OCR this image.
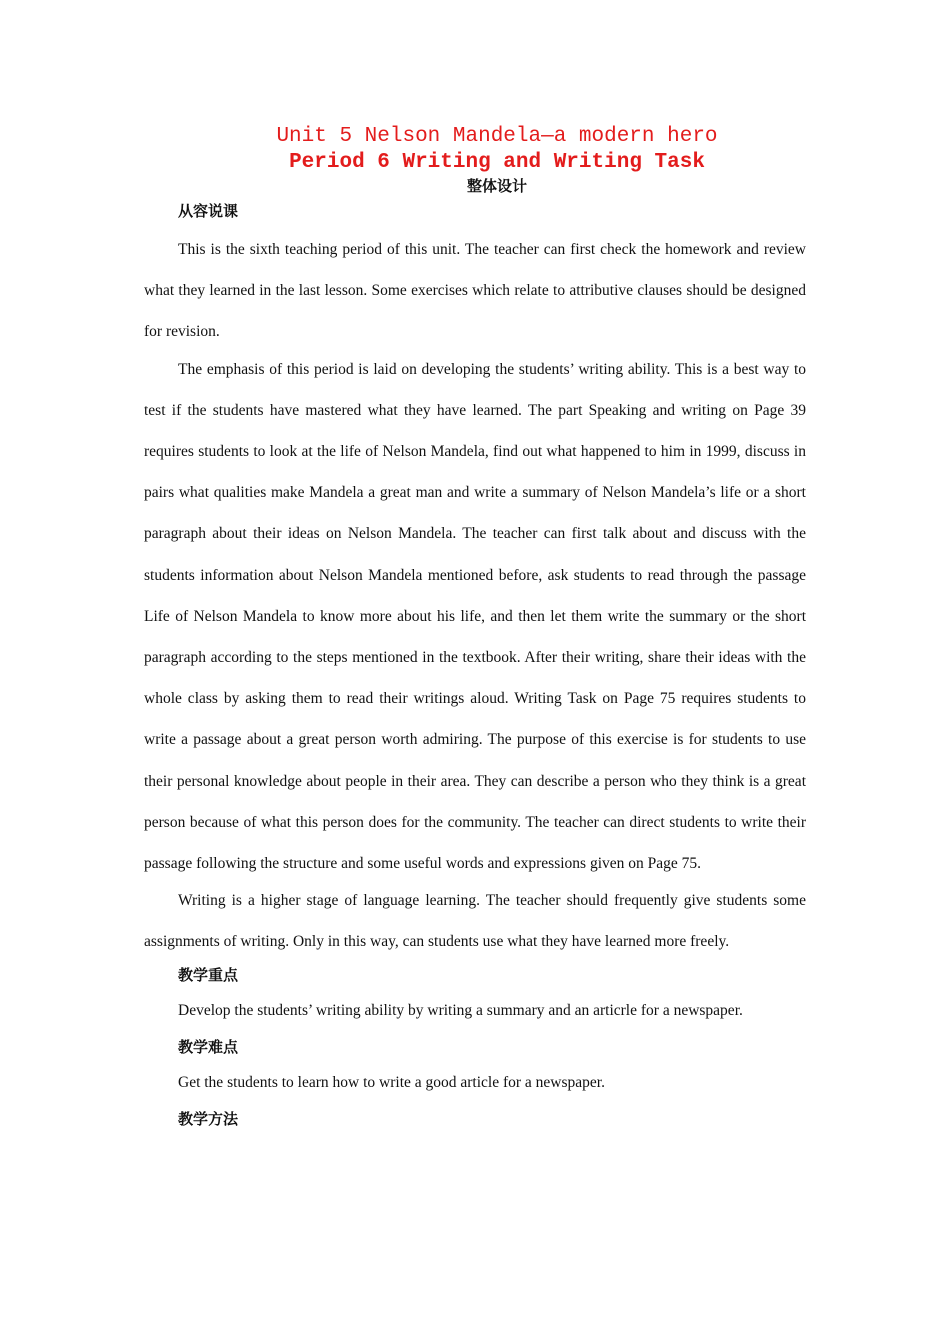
Unit 5 Nelson Mandela—a modern hero
Period 6 Writing and Writing Task
整体设计
从容说课

This is the sixth teaching period of this unit. The teacher can first check the homework and review what they learned in the last lesson. Some exercises which relate to attributive clauses should be designed for revision.

The emphasis of this period is laid on developing the students’ writing ability. This is a best way to test if the students have mastered what they have learned. The part Speaking and writing on Page 39 requires students to look at the life of Nelson Mandela, find out what happened to him in 1999, discuss in pairs what qualities make Mandela a great man and write a summary of Nelson Mandela’s life or a short paragraph about their ideas on Nelson Mandela. The teacher can first talk about and discuss with the students information about Nelson Mandela mentioned before, ask students to read through the passage Life of Nelson Mandela to know more about his life, and then let them write the summary or the short paragraph according to the steps mentioned in the textbook. After their writing, share their ideas with the whole class by asking them to read their writings aloud. Writing Task on Page 75 requires students to write a passage about a great person worth admiring. The purpose of this exercise is for students to use their personal knowledge about people in their area. They can describe a person who they think is a great person because of what this person does for the community. The teacher can direct students to write their passage following the structure and some useful words and expressions given on Page 75.

Writing is a higher stage of language learning. The teacher should frequently give students some assignments of writing. Only in this way, can students use what they have learned more freely.

教学重点

Develop the students’ writing ability by writing a summary and an articrle for a newspaper.

教学难点

Get the students to learn how to write a good article for a newspaper.

教学方法
